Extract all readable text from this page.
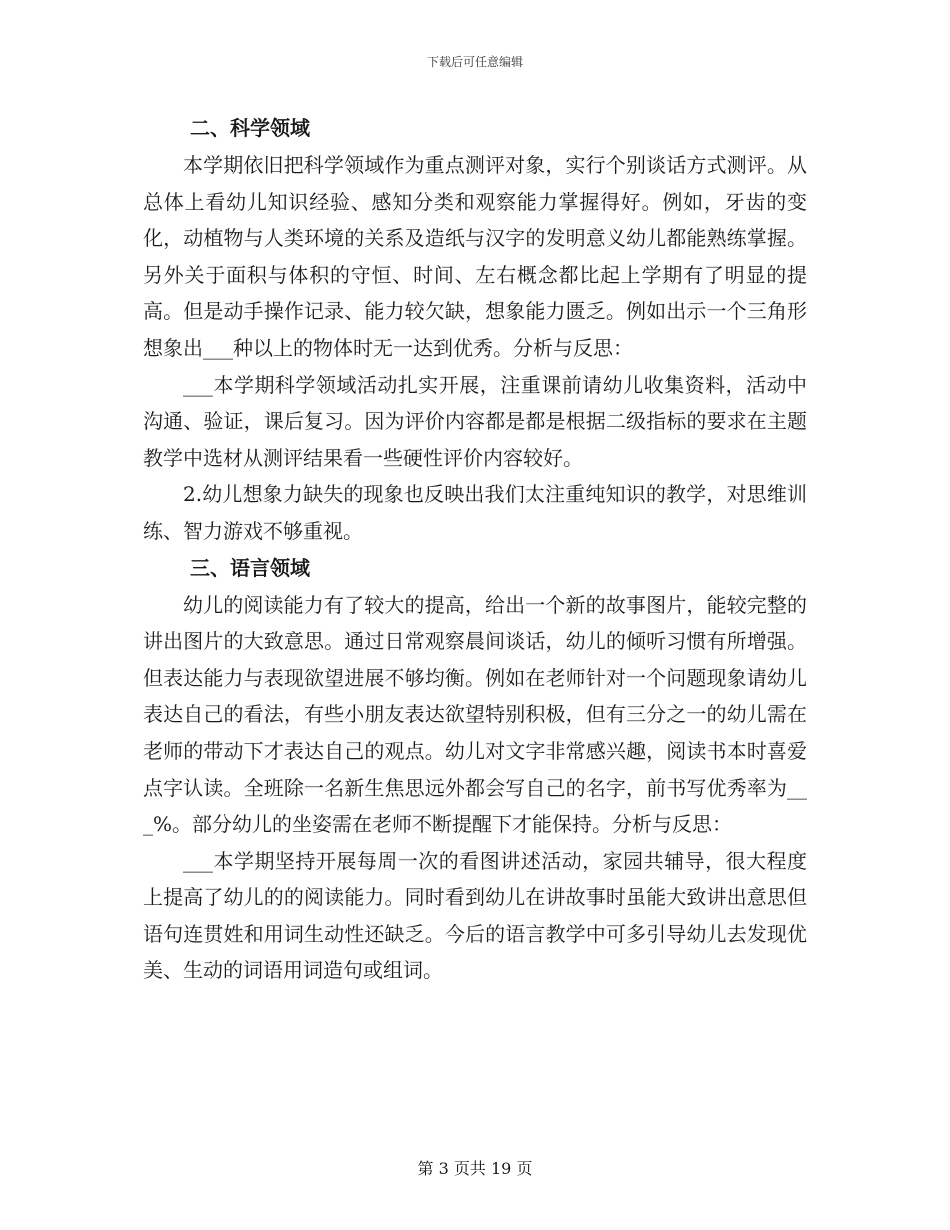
下载后可任意编辑
二、科学领域

本学期依旧把科学领域作为重点测评对象，实行个别谈话方式测评。从总体上看幼儿知识经验、感知分类和观察能力掌握得好。例如，牙齿的变化，动植物与人类环境的关系及造纸与汉字的发明意义幼儿都能熟练掌握。另外关于面积与体积的守恒、时间、左右概念都比起上学期有了明显的提高。但是动手操作记录、能力较欠缺，想象能力匮乏。例如出示一个三角形想象出___种以上的物体时无一达到优秀。分析与反思：

___本学期科学领域活动扎实开展，注重课前请幼儿收集资料，活动中沟通、验证，课后复习。因为评价内容都是都是根据二级指标的要求在主题教学中选材从测评结果看一些硬性评价内容较好。

2.幼儿想象力缺失的现象也反映出我们太注重纯知识的教学，对思维训练、智力游戏不够重视。

三、语言领域

幼儿的阅读能力有了较大的提高，给出一个新的故事图片，能较完整的讲出图片的大致意思。通过日常观察晨间谈话，幼儿的倾听习惯有所增强。但表达能力与表现欲望进展不够均衡。例如在老师针对一个问题现象请幼儿表达自己的看法，有些小朋友表达欲望特别积极，但有三分之一的幼儿需在老师的带动下才表达自己的观点。幼儿对文字非常感兴趣，阅读书本时喜爱点字认读。全班除一名新生焦思远外都会写自己的名字，前书写优秀率为___%。部分幼儿的坐姿需在老师不断提醒下才能保持。分析与反思：

___本学期坚持开展每周一次的看图讲述活动，家园共辅导，很大程度上提高了幼儿的的阅读能力。同时看到幼儿在讲故事时虽能大致讲出意思但语句连贯姓和用词生动性还缺乏。今后的语言教学中可多引导幼儿去发现优美、生动的词语用词造句或组词。

第 3 页共 19 页
